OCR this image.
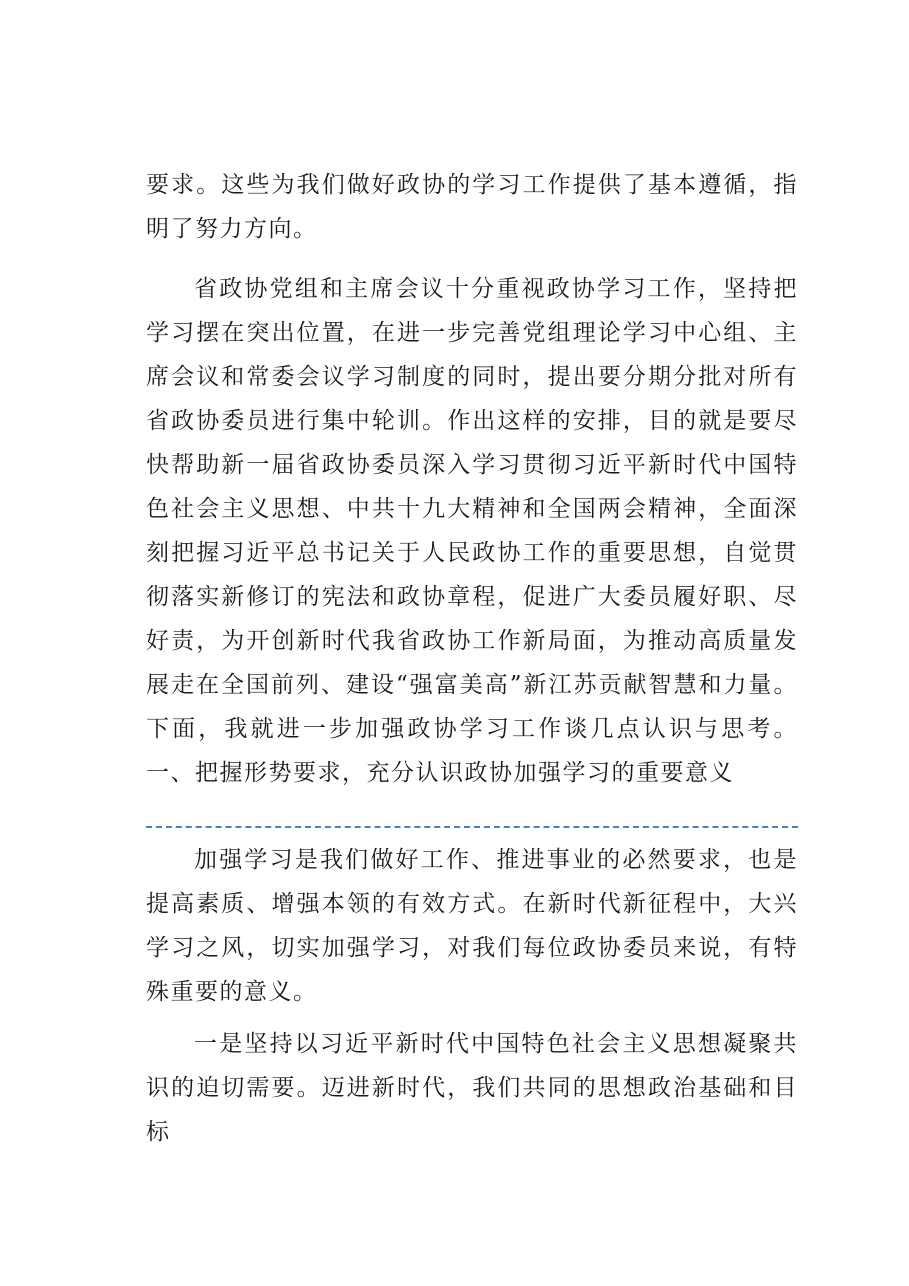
要求。这些为我们做好政协的学习工作提供了基本遵循，指明了努力方向。

省政协党组和主席会议十分重视政协学习工作，坚持把学习摆在突出位置，在进一步完善党组理论学习中心组、主席会议和常委会议学习制度的同时，提出要分期分批对所有省政协委员进行集中轮训。作出这样的安排，目的就是要尽快帮助新一届省政协委员深入学习贯彻习近平新时代中国特色社会主义思想、中共十九大精神和全国两会精神，全面深刻把握习近平总书记关于人民政协工作的重要思想，自觉贯彻落实新修订的宪法和政协章程，促进广大委员履好职、尽好责，为开创新时代我省政协工作新局面，为推动高质量发展走在全国前列、建设“强富美高”新江苏贡献智慧和力量。下面，我就进一步加强政协学习工作谈几点认识与思考。一、把握形势要求，充分认识政协加强学习的重要意义

加强学习是我们做好工作、推进事业的必然要求，也是提高素质、增强本领的有效方式。在新时代新征程中，大兴学习之风，切实加强学习，对我们每位政协委员来说，有特殊重要的意义。

一是坚持以习近平新时代中国特色社会主义思想凝聚共识的迫切需要。迈进新时代，我们共同的思想政治基础和目标
